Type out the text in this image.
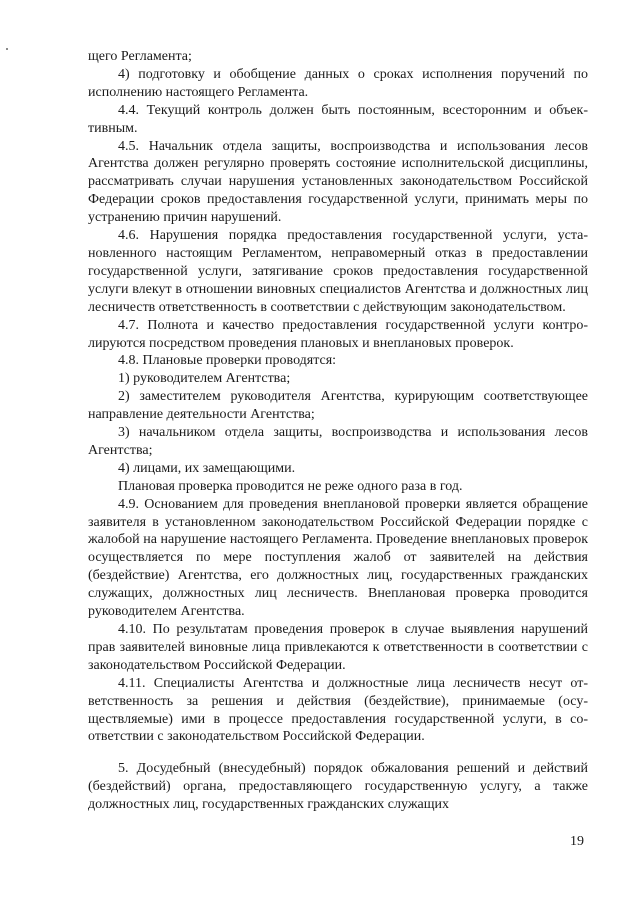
щего Регламента;

4) подготовку и обобщение данных о сроках исполнения поручений по исполнению настоящего Регламента.

4.4. Текущий контроль должен быть постоянным, всесторонним и объективным.

4.5. Начальник отдела защиты, воспроизводства и использования лесов Агентства должен регулярно проверять состояние исполнительской дисциплины, рассматривать случаи нарушения установленных законодательством Российской Федерации сроков предоставления государственной услуги, принимать меры по устранению причин нарушений.

4.6. Нарушения порядка предоставления государственной услуги, установленного настоящим Регламентом, неправомерный отказ в предоставлении государственной услуги, затягивание сроков предоставления государственной услуги влекут в отношении виновных специалистов Агентства и должностных лиц лесничеств ответственность в соответствии с действующим законодательством.

4.7. Полнота и качество предоставления государственной услуги контролируются посредством проведения плановых и внеплановых проверок.

4.8. Плановые проверки проводятся:

1) руководителем Агентства;

2) заместителем руководителя Агентства, курирующим соответствующее направление деятельности Агентства;

3) начальником отдела защиты, воспроизводства и использования лесов Агентства;

4) лицами, их замещающими.

Плановая проверка проводится не реже одного раза в год.

4.9. Основанием для проведения внеплановой проверки является обращение заявителя в установленном законодательством Российской Федерации порядке с жалобой на нарушение настоящего Регламента. Проведение внеплановых проверок осуществляется по мере поступления жалоб от заявителей на действия (бездействие) Агентства, его должностных лиц, государственных гражданских служащих, должностных лиц лесничеств. Внеплановая проверка проводится руководителем Агентства.

4.10. По результатам проведения проверок в случае выявления нарушений прав заявителей виновные лица привлекаются к ответственности в соответствии с законодательством Российской Федерации.

4.11. Специалисты Агентства и должностные лица лесничеств несут ответственность за решения и действия (бездействие), принимаемые (осуществляемые) ими в процессе предоставления государственной услуги, в соответствии с законодательством Российской Федерации.

5. Досудебный (внесудебный) порядок обжалования решений и действий (бездействий) органа, предоставляющего государственную услугу, а также должностных лиц, государственных гражданских служащих

19
